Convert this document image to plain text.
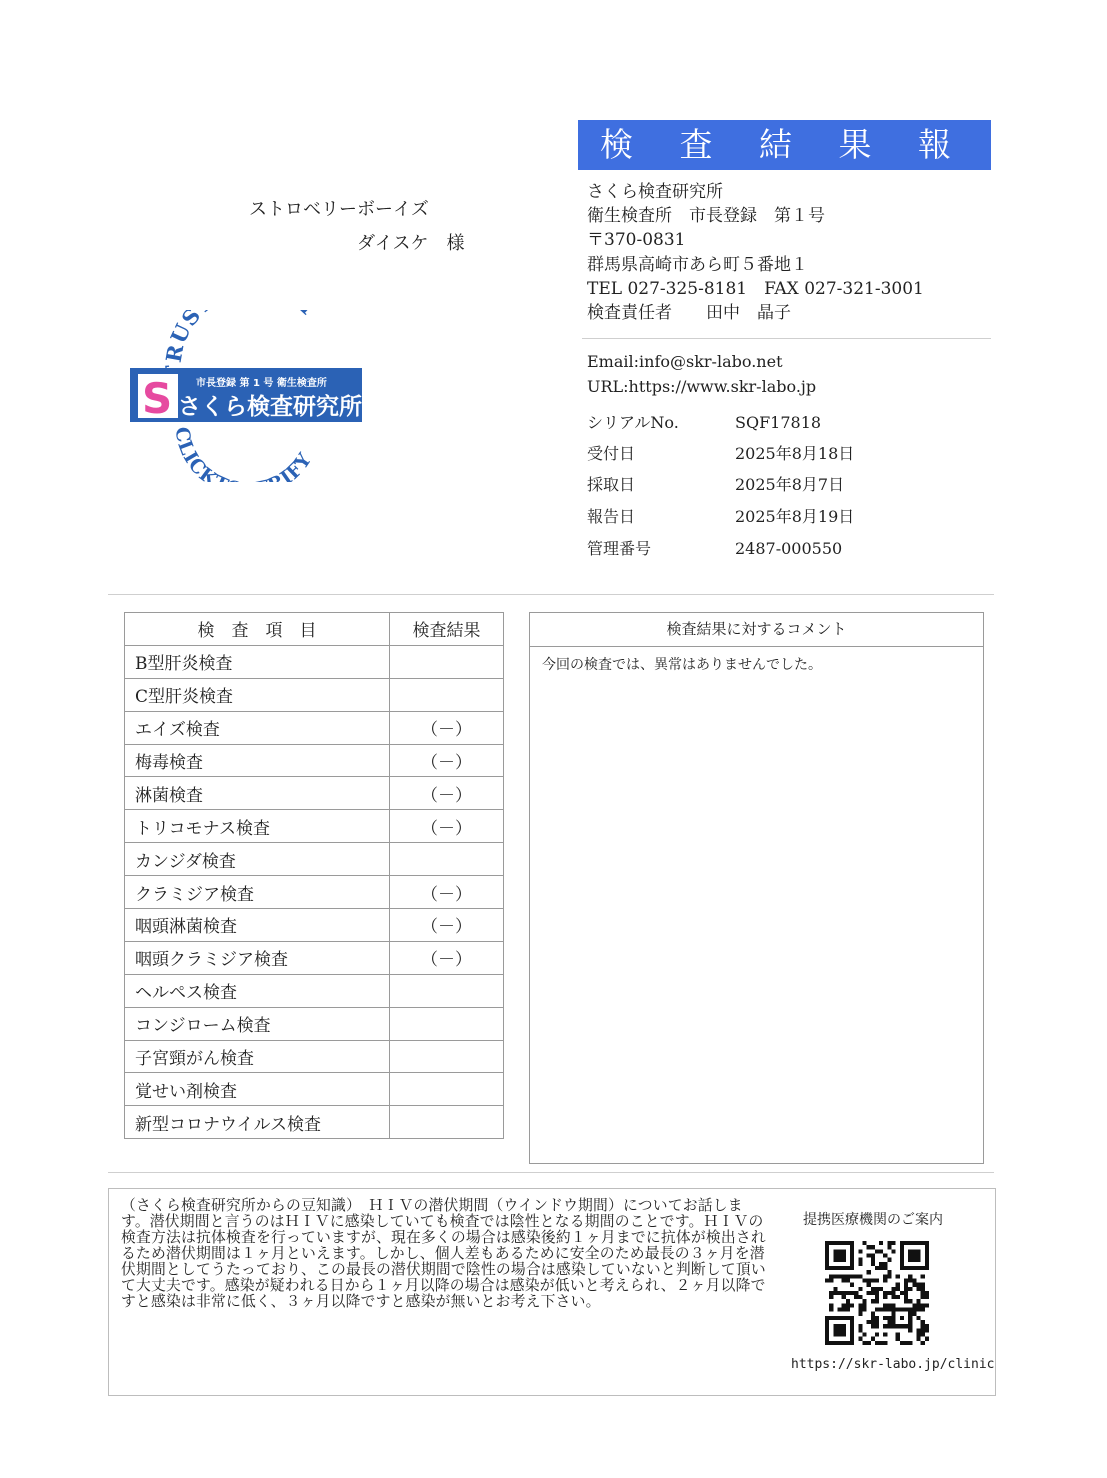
検 査 結 果 報 告 書
ストロベリーボーイズ
ダイスケ　様
RUS
S 市長登録 第 1 号 衛生検査所
さくら検査研究所
CLICK IFY
さくら検査研究所
衛生検査所　市長登録　第１号
〒370-0831
群馬県高崎市あら町５番地１
TEL 027-325-8181　FAX 027-321-3001
検査責任者　　田中　晶子
Email:info@skr-labo.net
URL:https://www.skr-labo.jp
シリアルNo.	SQF17818
受付日	2025年8月18日
採取日	2025年8月7日
報告日	2025年8月19日
管理番号	2487-000550
検　査　項　目	検査結果
B型肝炎検査	
C型肝炎検査	
エイズ検査	（－）
梅毒検査	（－）
淋菌検査	（－）
トリコモナス検査	（－）
カンジダ検査	
クラミジア検査	（－）
咽頭淋菌検査	（－）
咽頭クラミジア検査	（－）
ヘルペス検査	
コンジローム検査	
子宮頸がん検査	
覚せい剤検査	
新型コロナウイルス検査	
検査結果に対するコメント
今回の検査では、異常はありませんでした。
（さくら検査研究所からの豆知識）　ＨＩＶの潜伏期間（ウインドウ期間）についてお話します。潜伏期間と言うのはＨＩＶに感染していても検査では陰性となる期間のことです。ＨＩＶの検査方法は抗体検査を行っていますが、現在多くの場合は感染後約１ヶ月までに抗体が検出されるため潜伏期間は１ヶ月といえます。しかし、個人差もあるために安全のため最長の３ヶ月を潜伏期間としてうたっており、この最長の潜伏期間で陰性の場合は感染していないと判断して頂いて大丈夫です。感染が疑われる日から１ヶ月以降の場合は感染が低いと考えられ、２ヶ月以降ですと感染は非常に低く、３ヶ月以降ですと感染が無いとお考え下さい。
提携医療機関のご案内
https://skr-labo.jp/clinic
